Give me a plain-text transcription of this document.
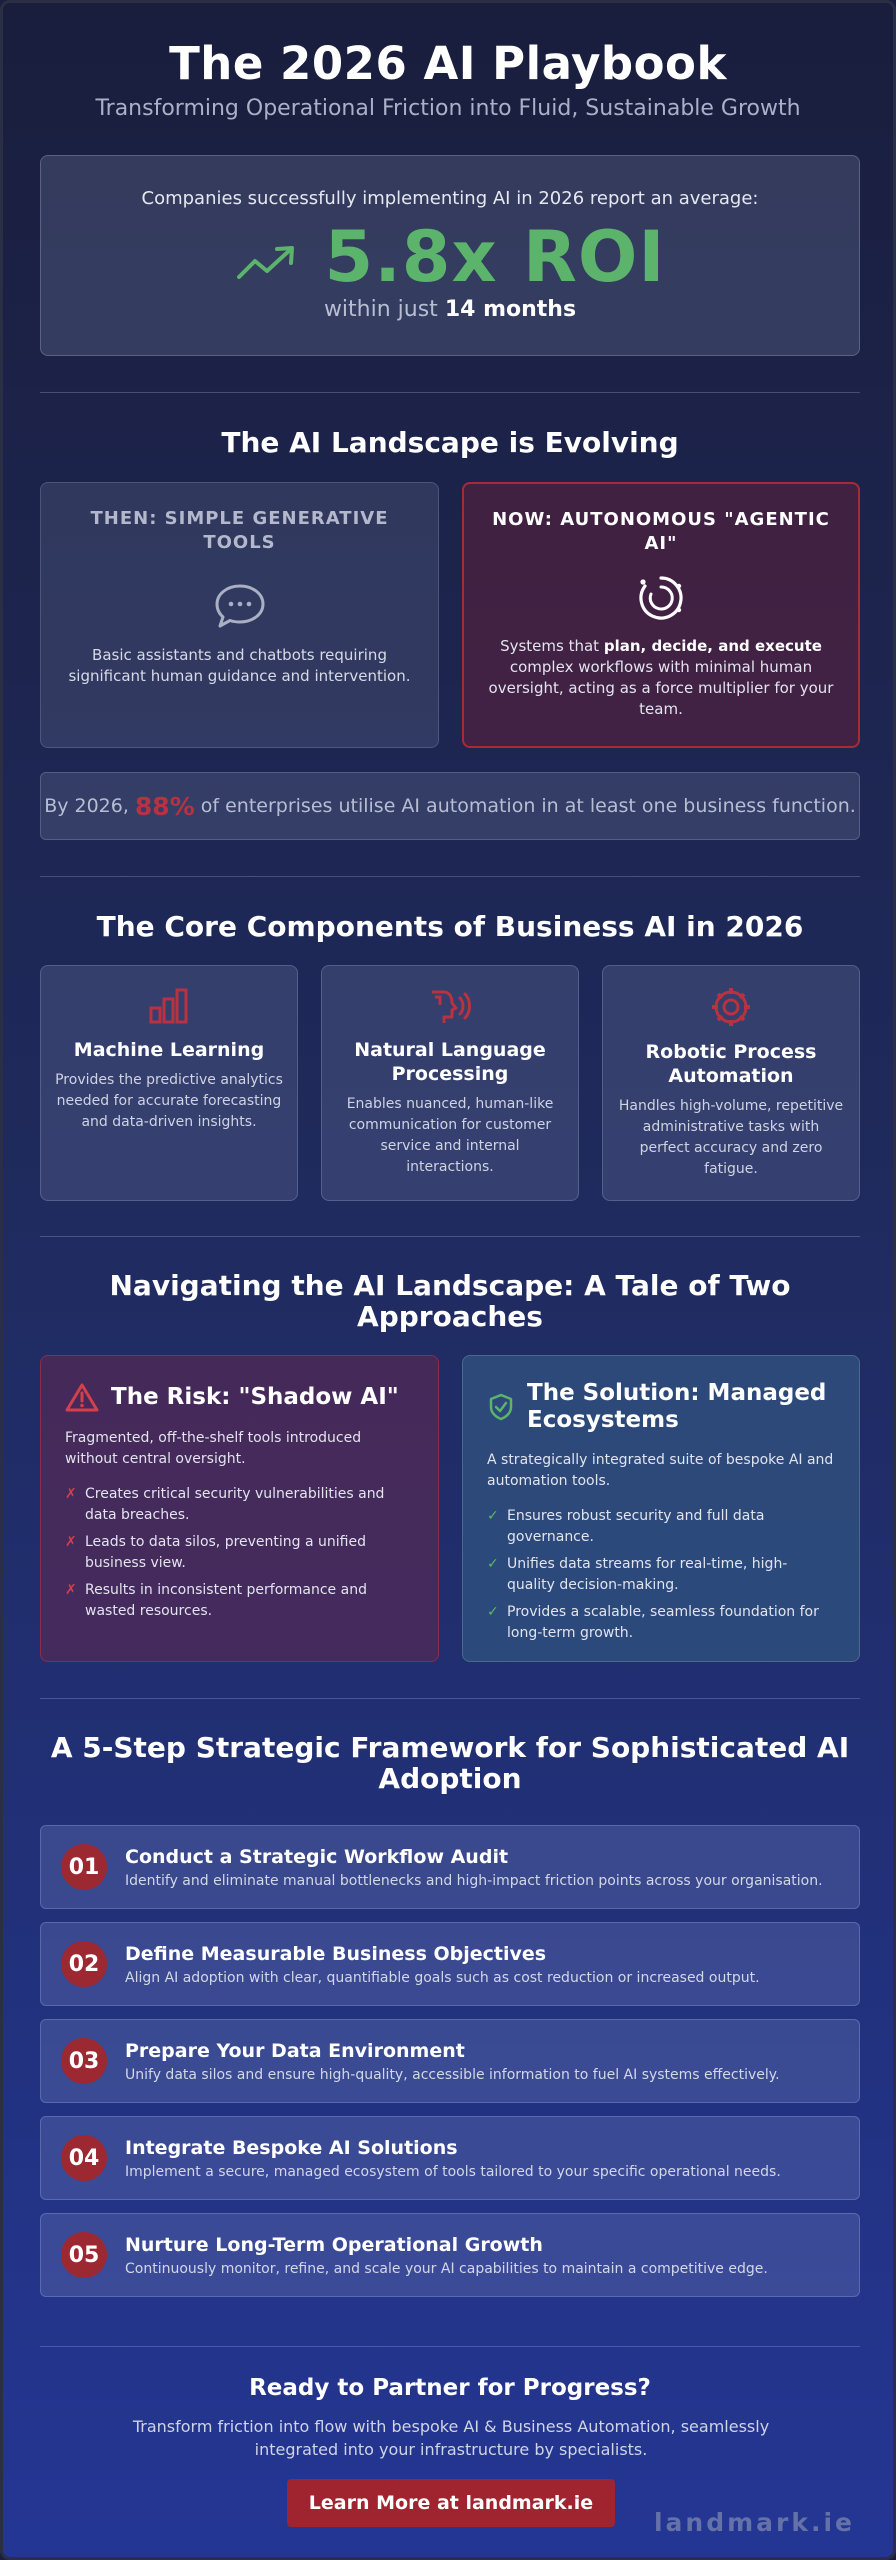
The 2026 AI Playbook
Transforming Operational Friction into Fluid, Sustainable Growth
Companies successfully implementing AI in 2026 report an average:
5.8x ROI
within just 14 months
The AI Landscape is Evolving
THEN: SIMPLE GENERATIVE TOOLS
Basic assistants and chatbots requiring significant human guidance and intervention.
NOW: AUTONOMOUS "AGENTIC AI"
Systems that plan, decide, and execute complex workflows with minimal human oversight, acting as a force multiplier for your team.
By 2026, 88% of enterprises utilise AI automation in at least one business function.
The Core Components of Business AI in 2026
Machine Learning
Provides the predictive analytics needed for accurate forecasting and data-driven insights.
Natural Language Processing
Enables nuanced, human-like communication for customer service and internal interactions.
Robotic Process Automation
Handles high-volume, repetitive administrative tasks with perfect accuracy and zero fatigue.
Navigating the AI Landscape: A Tale of Two Approaches
The Risk: "Shadow AI"
Fragmented, off-the-shelf tools introduced without central oversight.
✗ Creates critical security vulnerabilities and data breaches.
✗ Leads to data silos, preventing a unified business view.
✗ Results in inconsistent performance and wasted resources.
The Solution: Managed Ecosystems
A strategically integrated suite of bespoke AI and automation tools.
✓ Ensures robust security and full data governance.
✓ Unifies data streams for real-time, high-quality decision-making.
✓ Provides a scalable, seamless foundation for long-term growth.
A 5-Step Strategic Framework for Sophisticated AI Adoption
01	Conduct a Strategic Workflow Audit
Identify and eliminate manual bottlenecks and high-impact friction points across your organisation.
02	Define Measurable Business Objectives
Align AI adoption with clear, quantifiable goals such as cost reduction or increased output.
03	Prepare Your Data Environment
Unify data silos and ensure high-quality, accessible information to fuel AI systems effectively.
04	Integrate Bespoke AI Solutions
Implement a secure, managed ecosystem of tools tailored to your specific operational needs.
05	Nurture Long-Term Operational Growth
Continuously monitor, refine, and scale your AI capabilities to maintain a competitive edge.
Ready to Partner for Progress?
Transform friction into flow with bespoke AI & Business Automation, seamlessly integrated into your infrastructure by specialists.
Learn More at landmark.ie
landmark.ie
